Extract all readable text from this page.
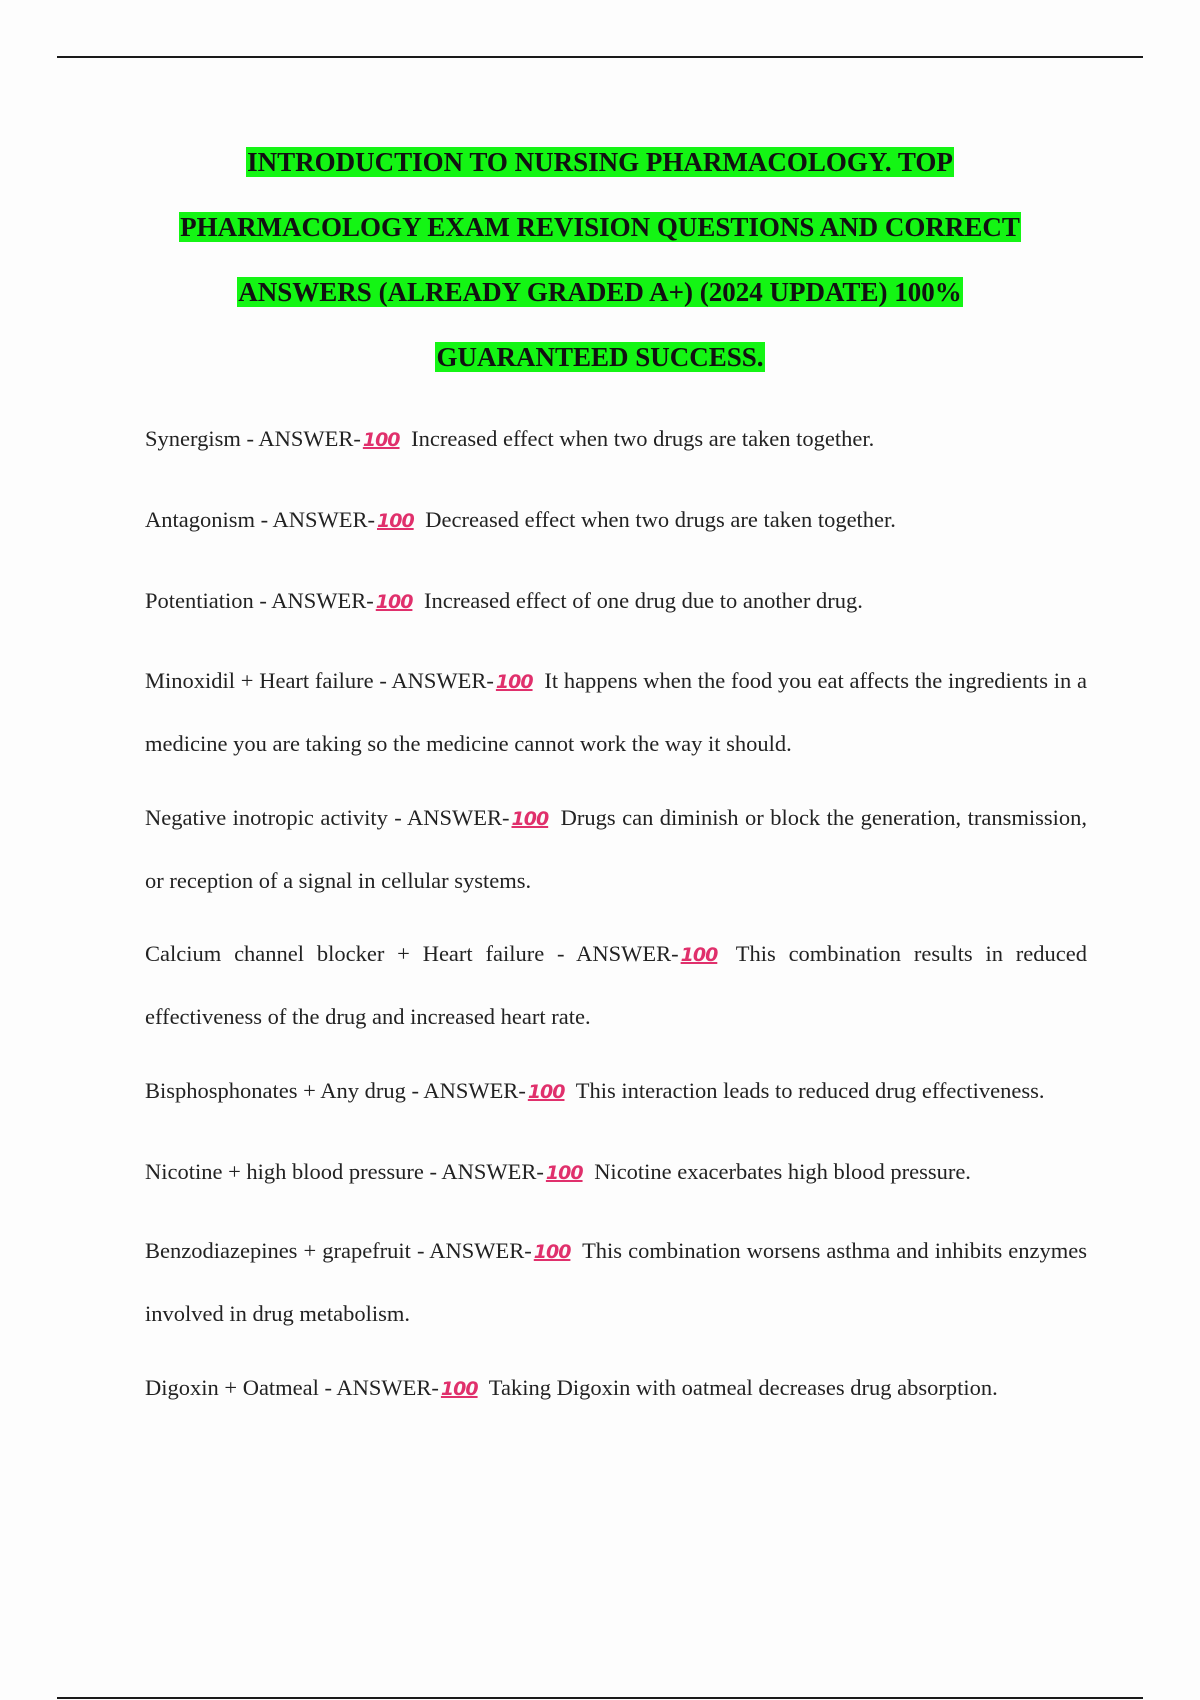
INTRODUCTION TO NURSING PHARMACOLOGY. TOP
PHARMACOLOGY EXAM REVISION QUESTIONS AND CORRECT
ANSWERS (ALREADY GRADED A+) (2024 UPDATE) 100%
GUARANTEED SUCCESS.

Synergism - ANSWER- 100 Increased effect when two drugs are taken together.

Antagonism - ANSWER- 100 Decreased effect when two drugs are taken together.

Potentiation - ANSWER- 100 Increased effect of one drug due to another drug.

Minoxidil + Heart failure - ANSWER- 100 It happens when the food you eat affects the ingredients in a medicine you are taking so the medicine cannot work the way it should.

Negative inotropic activity - ANSWER- 100 Drugs can diminish or block the generation, transmission, or reception of a signal in cellular systems.

Calcium channel blocker + Heart failure - ANSWER- 100 This combination results in reduced effectiveness of the drug and increased heart rate.

Bisphosphonates + Any drug - ANSWER- 100 This interaction leads to reduced drug effectiveness.

Nicotine + high blood pressure - ANSWER- 100 Nicotine exacerbates high blood pressure.

Benzodiazepines + grapefruit - ANSWER- 100 This combination worsens asthma and inhibits enzymes involved in drug metabolism.

Digoxin + Oatmeal - ANSWER- 100 Taking Digoxin with oatmeal decreases drug absorption.
